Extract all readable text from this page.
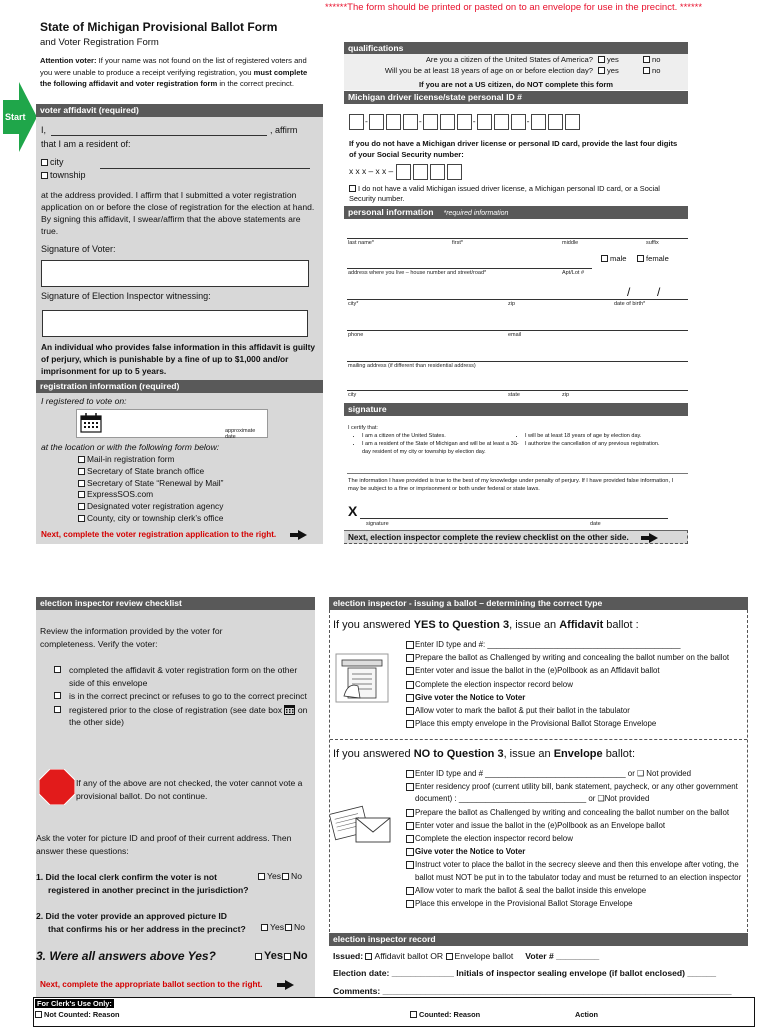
******The form should be printed or pasted on to an envelope for use in the precinct. ******
State of Michigan Provisional Ballot Form
and Voter Registration Form
Attention voter: If your name was not found on the list of registered voters and you were unable to produce a receipt verifying registration, you must complete the following affidavit and voter registration form in the correct precinct.
Start
voter affidavit (required)
I,	, affirm
that I am a resident of:
city
township
at the address provided. I affirm that I submitted a voter registration application on or before the close of registration for the election at hand. By signing this affidavit, I swear/affirm that the above statements are true.
Signature of Voter:
Signature of Election Inspector witnessing:
An individual who provides false information in this affidavit is guilty of perjury, which is punishable by a fine of up to $1,000 and/or imprisonment for up to 5 years.
registration information (required)
I registered to vote on:
approximate date
at the location or with the following form below:
Mail-in registration form
Secretary of State branch office
Secretary of State “Renewal by Mail”
ExpressSOS.com
Designated voter registration agency
County, city or township clerk’s office
Next, complete the voter registration application to the right.
qualifications
Are you a citizen of the United States of America?
Will you be at least 18 years of age on or before election day?
yes	no
yes	no
If you are not a US citizen, do NOT complete this form
Michigan driver license/state personal ID #
-	-	-	-
If you do not have a Michigan driver license or personal ID card, provide the last four digits of your Social Security number:
x x x – x x –
I do not have a valid Michigan issued driver license, a Michigan personal ID card, or a Social Security number.
personal information *required information
last name*	first*	middle	suffix
male	female
address where you live – house number and street/road*	Apt/Lot #
/        /
city*	zip	date of birth*
phone	email
mailing address (if different than residential address)
city	state	zip
signature
I certify that:
• I am a citizen of the United States.
• I am a resident of the State of Michigan and will be at least a 30-day resident of my city or township by election day.
• I will be at least 18 years of age by election day.
• I authorize the cancellation of any previous registration.
The information I have provided is true to the best of my knowledge under penalty of perjury. If I have provided false information, I may be subject to a fine or imprisonment or both under federal or state laws.
X
signature	date
Next, election inspector complete the review checklist on the other side.
election inspector review checklist
Review the information provided by the voter for completeness. Verify the voter:
completed the affidavit & voter registration form on the other side of this envelope
is in the correct precinct or refuses to go to the correct precinct
registered prior to the close of registration (see date box on the other side)
If any of the above are not checked, the voter cannot vote a provisional ballot. Do not continue.
Ask the voter for picture ID and proof of their current address. Then answer these questions:
1. Did the local clerk confirm the voter is not
registered in another precinct in the jurisdiction?
Yes No
2. Did the voter provide an approved picture ID
that confirms his or her address in the precinct?	Yes No
3. Were all answers above Yes?	Yes No
Next, complete the appropriate ballot section to the right.
election inspector - issuing a ballot – determining the correct type
If you answered YES to Question 3, issue an Affidavit ballot :
Enter ID type and #: ____________________________________________
Prepare the ballot as Challenged by writing and concealing the ballot number on the ballot
Enter voter and issue the ballot in the (e)Pollbook as an Affidavit ballot
Complete the election inspector record below
Give voter the Notice to Voter
Allow voter to mark the ballot & put their ballot in the tabulator
Place this empty envelope in the Provisional Ballot Storage Envelope
If you answered NO to Question 3, issue an Envelope ballot:
Enter ID type and # ________________________________ or ❑ Not provided
Enter residency proof (current utility bill, bank statement, paycheck, or any other government document) : _____________________________ or ❑Not provided
Prepare the ballot as Challenged by writing and concealing the ballot number on the ballot
Enter voter and issue the ballot in the (e)Pollbook as an Envelope ballot
Complete the election inspector record below
Give voter the Notice to Voter
Instruct voter to place the ballot in the secrecy sleeve and then this envelope after voting, the ballot must NOT be put in to the tabulator today and must be returned to an election inspector
Allow voter to mark the ballot & seal the ballot inside this envelope
Place this envelope in the Provisional Ballot Storage Envelope
election inspector record
Issued: Affidavit ballot OR Envelope ballot Voter # _________
Election date: _____________ Initials of inspector sealing envelope (if ballot enclosed) ______
Comments: _________________________________________________________________________
For Clerk's Use Only:
Not Counted: Reason	Counted: Reason	Action
